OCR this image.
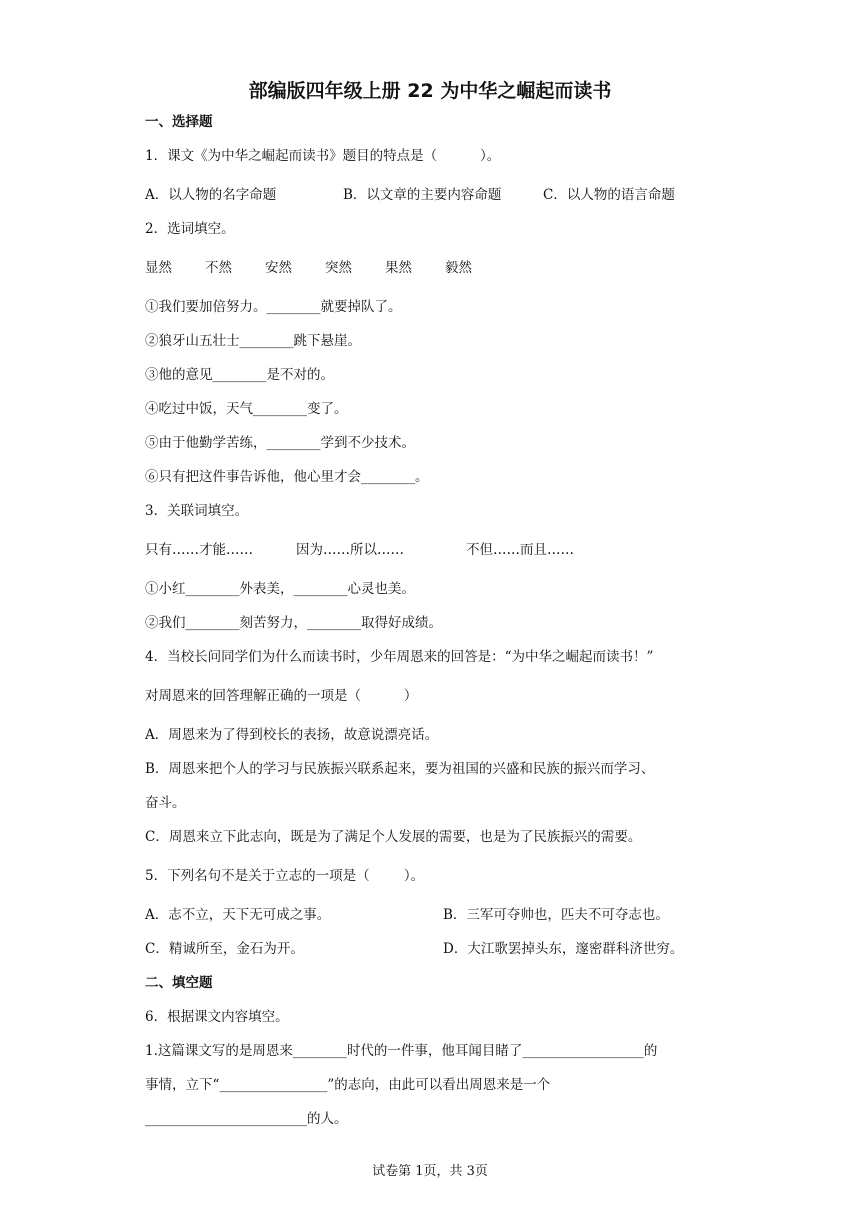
部编版四年级上册 22 为中华之崛起而读书
一、选择题
1．课文《为中华之崛起而读书》题目的特点是（          ）。
A．以人物的名字命题	B．以文章的主要内容命题	C．以人物的语言命题
2．选词填空。
显然 不然 安然 突然 果然 毅然
①我们要加倍努力。________就要掉队了。
②狼牙山五壮士________跳下悬崖。
③他的意见________是不对的。
④吃过中饭，天气________变了。
⑤由于他勤学苦练，________学到不少技术。
⑥只有把这件事告诉他，他心里才会________。
3．关联词填空。
只有……才能……	因为……所以……	不但……而且……
①小红________外表美，________心灵也美。
②我们________刻苦努力，________取得好成绩。
4．当校长问同学们为什么而读书时，少年周恩来的回答是：“为中华之崛起而读书！”
对周恩来的回答理解正确的一项是（          ）
A．周恩来为了得到校长的表扬，故意说漂亮话。
B．周恩来把个人的学习与民族振兴联系起来，要为祖国的兴盛和民族的振兴而学习、
奋斗。
C．周恩来立下此志向，既是为了满足个人发展的需要，也是为了民族振兴的需要。
5．下列名句不是关于立志的一项是（        ）。
A．志不立，天下无可成之事。	B．三军可夺帅也，匹夫不可夺志也。
C．精诚所至，金石为开。	D．大江歌罢掉头东，邃密群科济世穷。
二、填空题
6．根据课文内容填空。
1.这篇课文写的是周恩来________时代的一件事，他耳闻目睹了__________________的
事情，立下“________________”的志向，由此可以看出周恩来是一个
________________________的人。
试卷第 1页，共 3页
